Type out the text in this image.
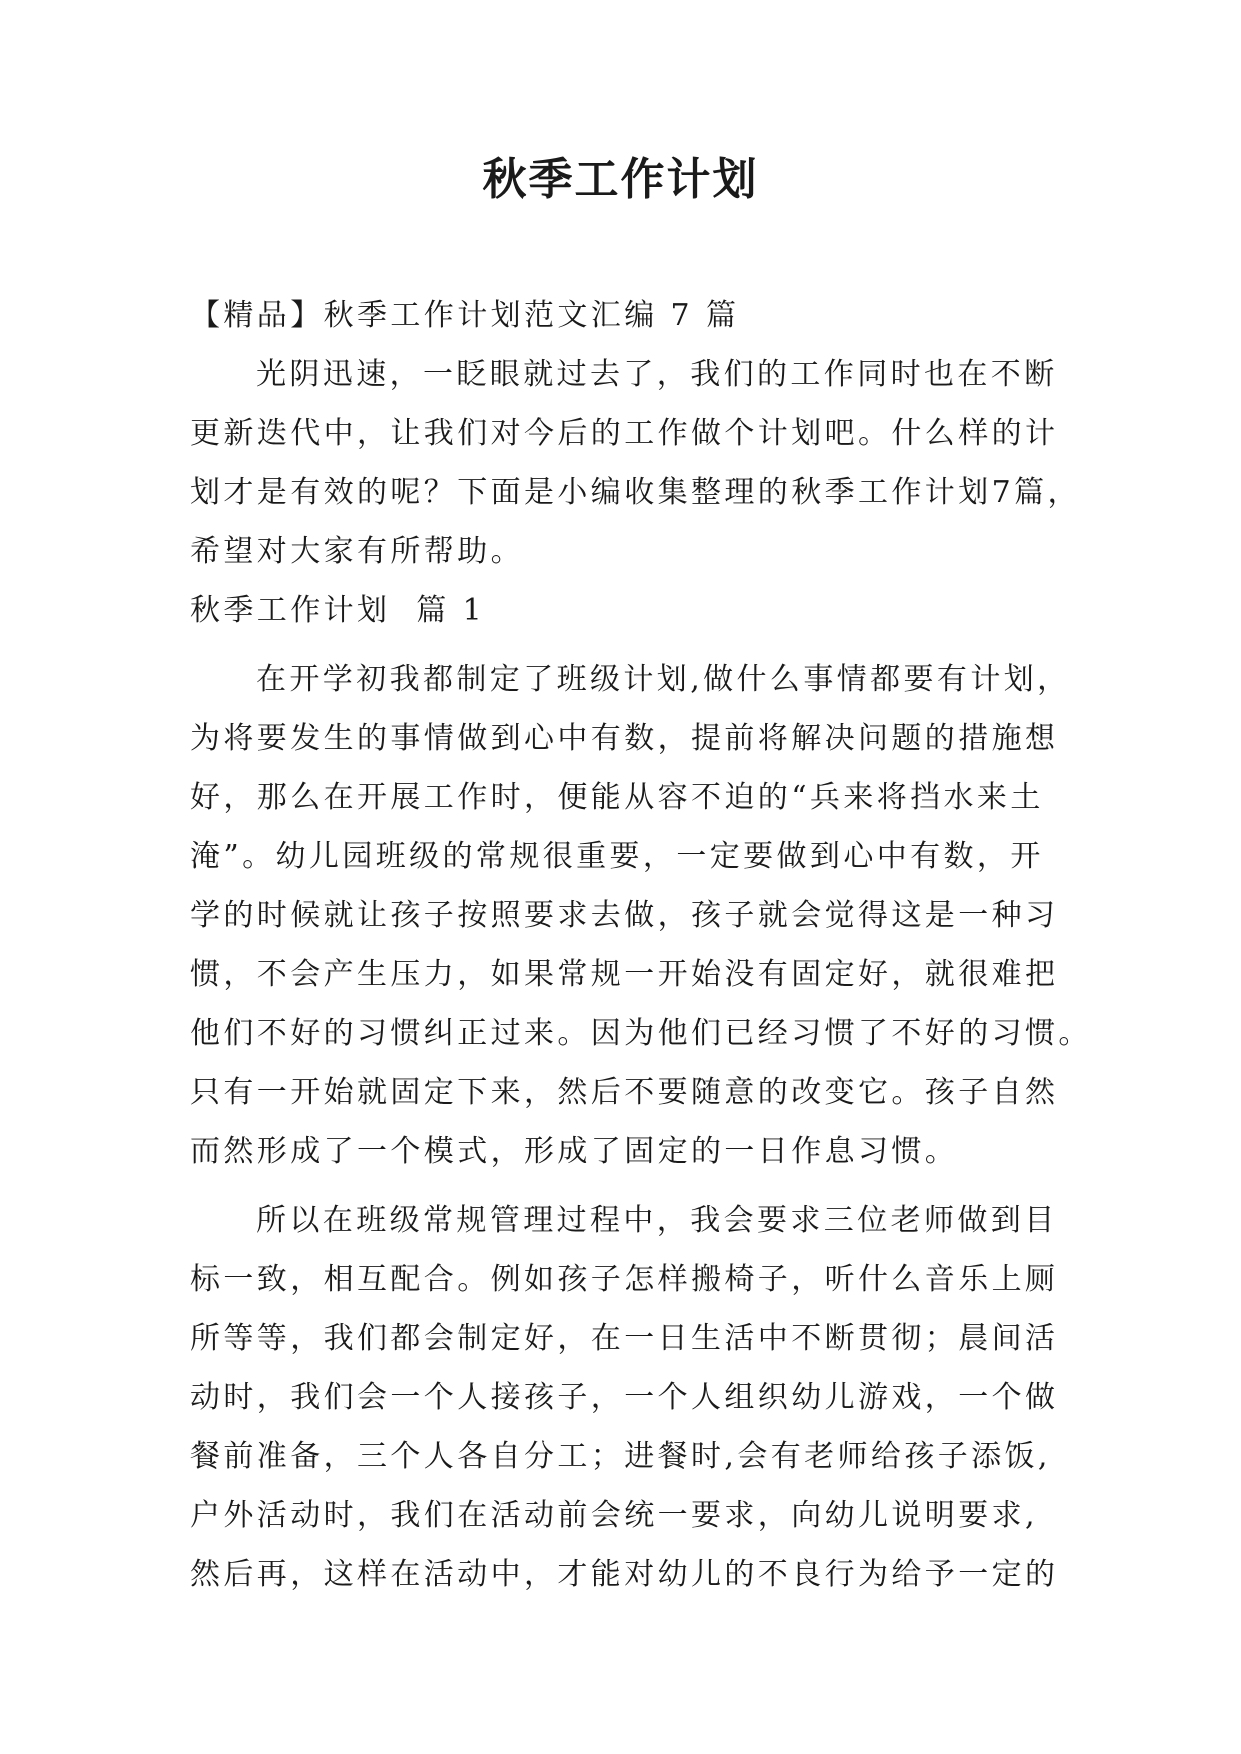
秋季工作计划

【精品】秋季工作计划范文汇编 7 篇

光阴迅速，一眨眼就过去了，我们的工作同时也在不断

更新迭代中，让我们对今后的工作做个计划吧。什么样的计

划才是有效的呢？下面是小编收集整理的秋季工作计划7篇，

希望对大家有所帮助。

秋季工作计划  篇 1

在开学初我都制定了班级计划,做什么事情都要有计划，

为将要发生的事情做到心中有数，提前将解决问题的措施想

好，那么在开展工作时，便能从容不迫的“兵来将挡水来土

淹”。幼儿园班级的常规很重要，一定要做到心中有数，开

学的时候就让孩子按照要求去做，孩子就会觉得这是一种习

惯，不会产生压力，如果常规一开始没有固定好，就很难把

他们不好的习惯纠正过来。因为他们已经习惯了不好的习惯。

只有一开始就固定下来，然后不要随意的改变它。孩子自然

而然形成了一个模式，形成了固定的一日作息习惯。

所以在班级常规管理过程中，我会要求三位老师做到目

标一致，相互配合。例如孩子怎样搬椅子，听什么音乐上厕

所等等，我们都会制定好，在一日生活中不断贯彻；晨间活

动时，我们会一个人接孩子，一个人组织幼儿游戏，一个做

餐前准备，三个人各自分工；进餐时,会有老师给孩子添饭,

户外活动时，我们在活动前会统一要求，向幼儿说明要求,

然后再，这样在活动中，才能对幼儿的不良行为给予一定的
